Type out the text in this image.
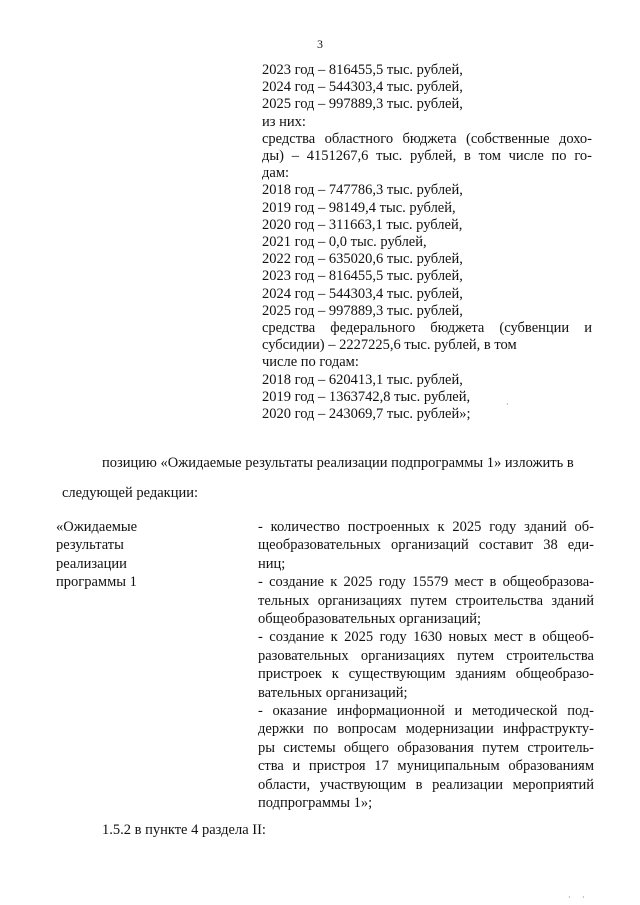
3
2023 год – 816455,5 тыс. рублей,
2024 год – 544303,4 тыс. рублей,
2025 год – 997889,3 тыс. рублей,
из них:
средства областного бюджета (собственные дохо-
ды) – 4151267,6 тыс. рублей, в том числе по го-
дам:
2018 год – 747786,3 тыс. рублей,
2019 год – 98149,4 тыс. рублей,
2020 год – 311663,1 тыс. рублей,
2021 год – 0,0 тыс. рублей,
2022 год – 635020,6 тыс. рублей,
2023 год – 816455,5 тыс. рублей,
2024 год – 544303,4 тыс. рублей,
2025 год – 997889,3 тыс. рублей,
средства федерального бюджета (субвенции и
субсидии) – 2227225,6 тыс. рублей, в том
числе по годам:
2018 год – 620413,1 тыс. рублей,
2019 год – 1363742,8 тыс. рублей,
2020 год – 243069,7 тыс. рублей»;
позицию «Ожидаемые результаты реализации подпрограммы 1» изложить в
следующей редакции:
«Ожидаемые
результаты
реализации
программы 1
- количество построенных к 2025 году зданий об-
щеобразовательных организаций составит 38 еди-
ниц;
- создание к 2025 году 15579 мест в общеобразова-
тельных организациях путем строительства зданий
общеобразовательных организаций;
- создание к 2025 году 1630 новых мест в общеоб-
разовательных организациях путем строительства
пристроек к существующим зданиям общеобразо-
вательных организаций;
- оказание информационной и методической под-
держки по вопросам модернизации инфраструкту-
ры системы общего образования путем строитель-
ства и пристроя 17 муниципальным образованиям
области, участвующим в реализации мероприятий
подпрограммы 1»;
1.5.2 в пункте 4 раздела II:
·
· ·
